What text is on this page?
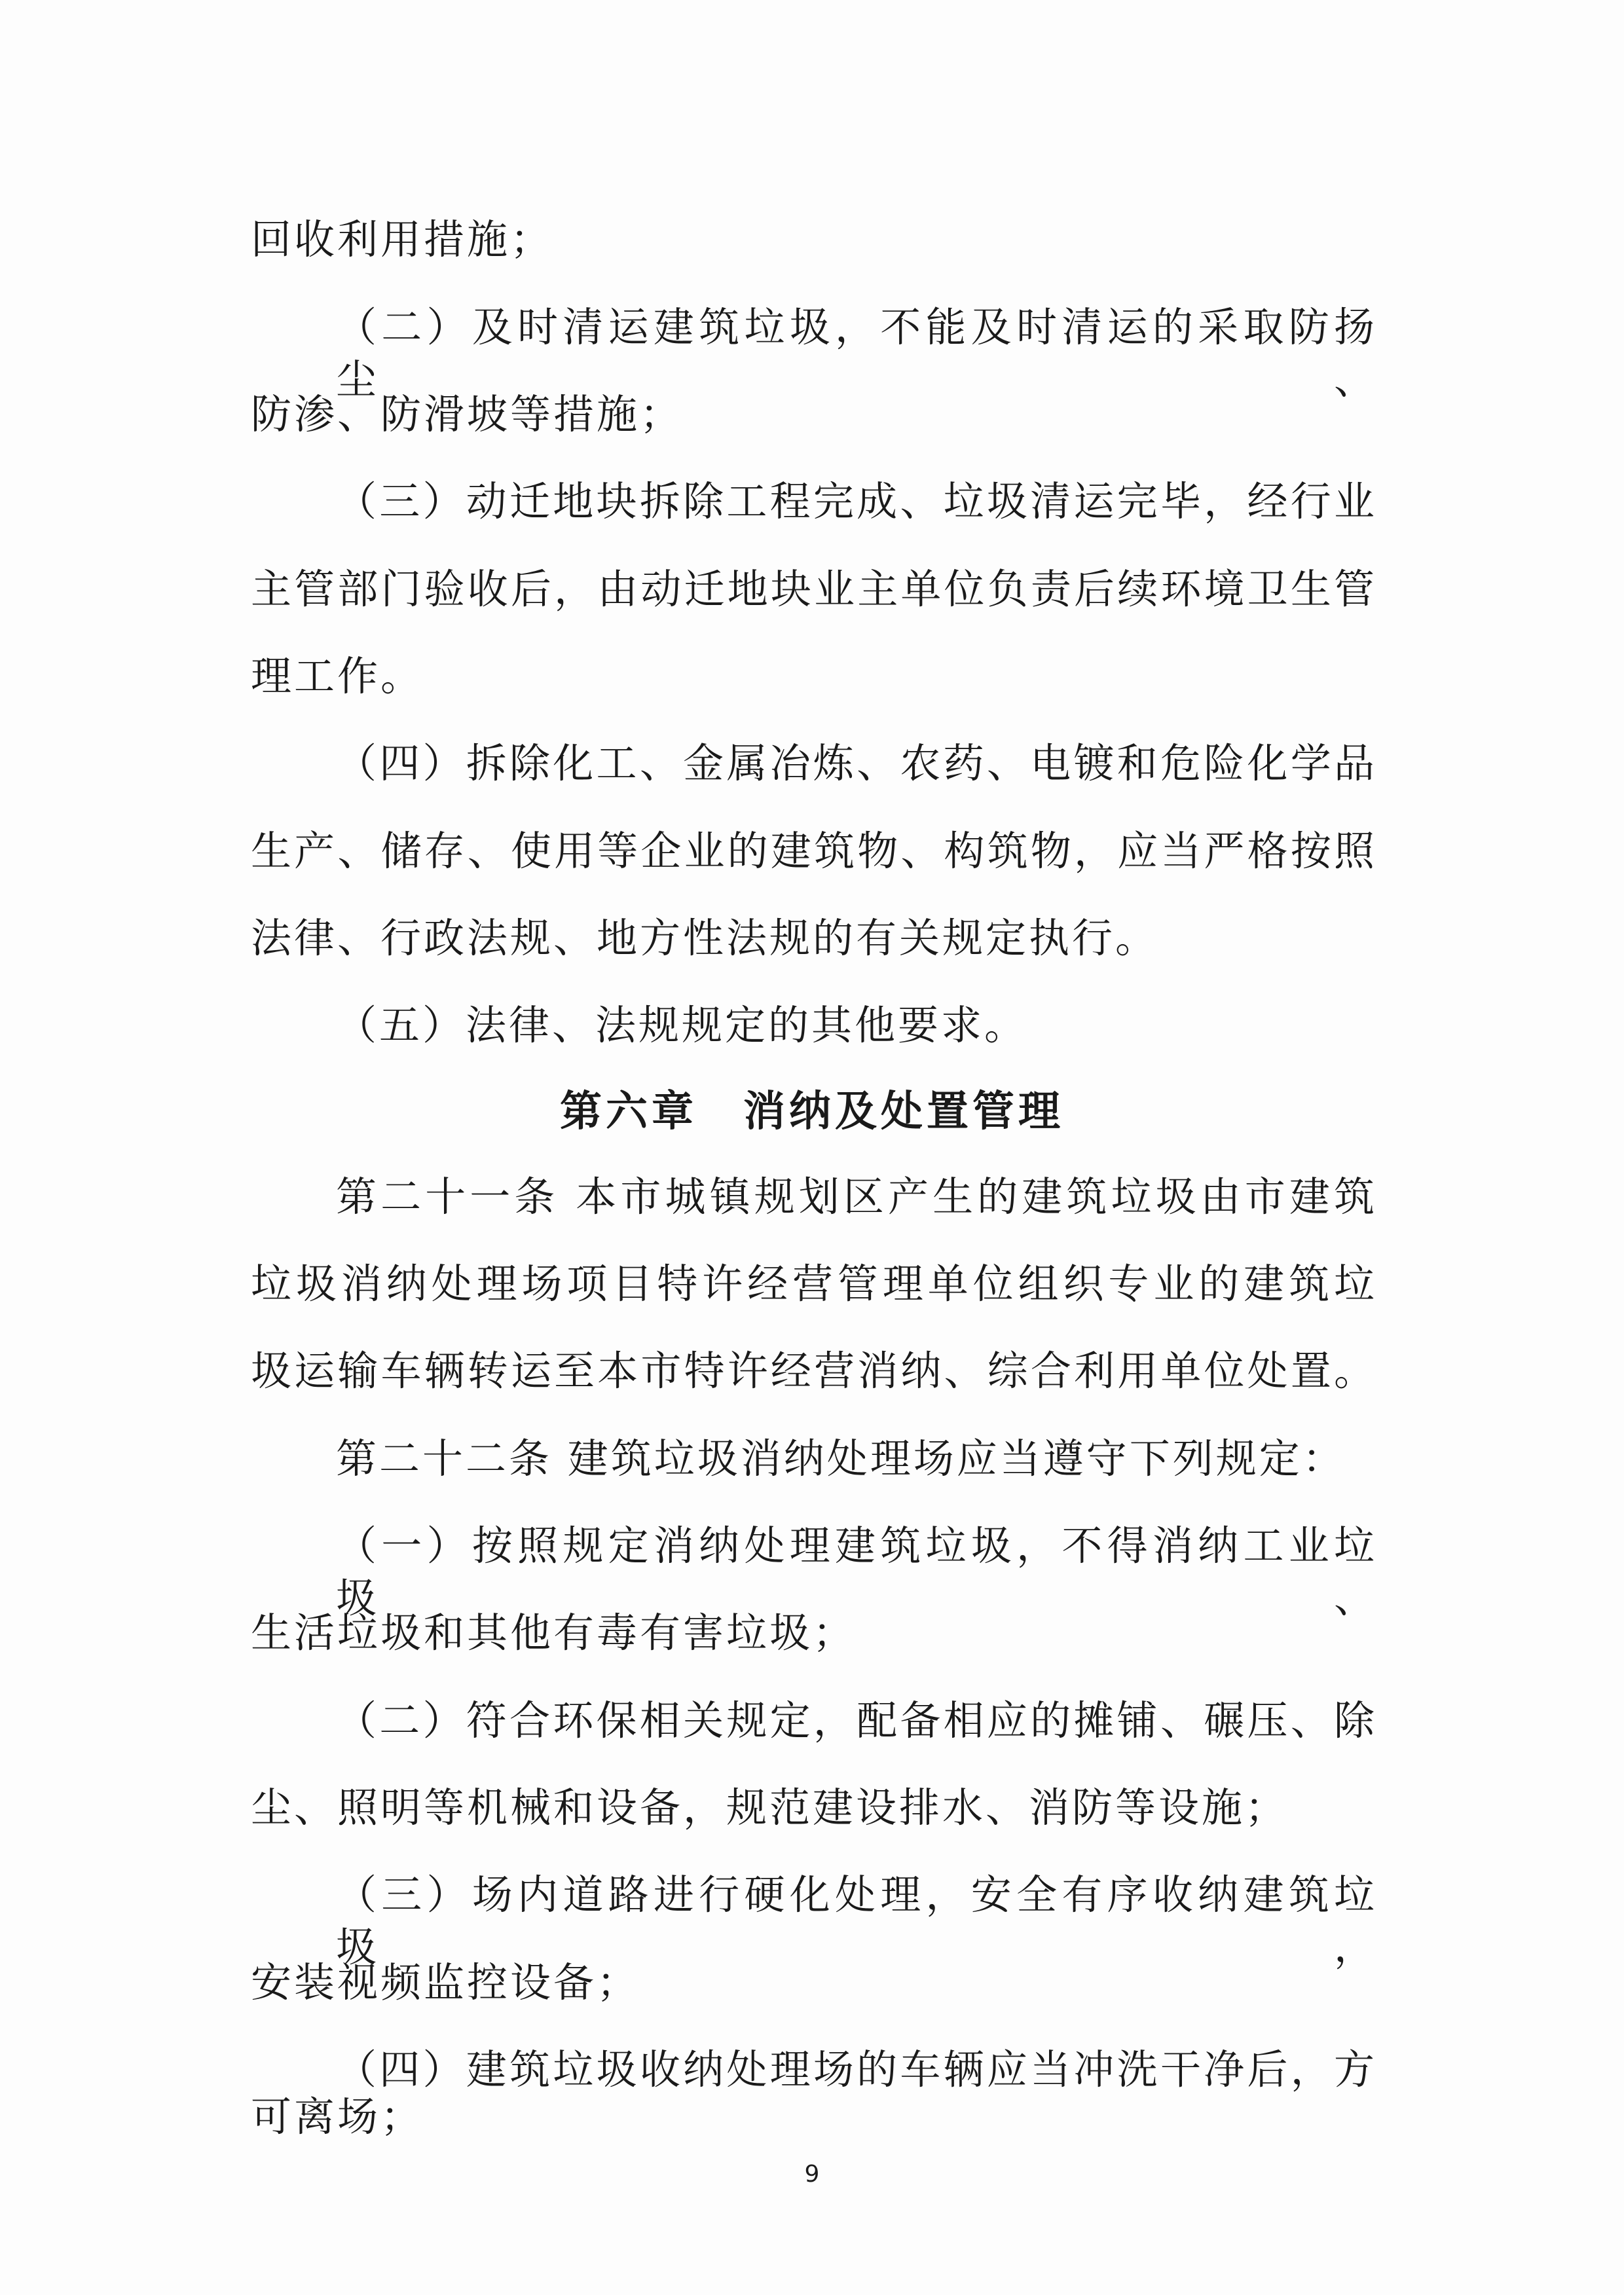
回收利用措施；
（二）及时清运建筑垃圾，不能及时清运的采取防扬尘、
防渗、防滑坡等措施；
（三）动迁地块拆除工程完成、垃圾清运完毕，经行业
主管部门验收后，由动迁地块业主单位负责后续环境卫生管
理工作。
（四）拆除化工、金属冶炼、农药、电镀和危险化学品
生产、储存、使用等企业的建筑物、构筑物，应当严格按照
法律、行政法规、地方性法规的有关规定执行。
（五）法律、法规规定的其他要求。
第六章　消纳及处置管理
第二十一条 本市城镇规划区产生的建筑垃圾由市建筑
垃圾消纳处理场项目特许经营管理单位组织专业的建筑垃
圾运输车辆转运至本市特许经营消纳、综合利用单位处置。
第二十二条 建筑垃圾消纳处理场应当遵守下列规定：
（一）按照规定消纳处理建筑垃圾，不得消纳工业垃圾、
生活垃圾和其他有毒有害垃圾；
（二）符合环保相关规定，配备相应的摊铺、碾压、除
尘、照明等机械和设备，规范建设排水、消防等设施；
（三）场内道路进行硬化处理，安全有序收纳建筑垃圾，
安装视频监控设备；
（四）建筑垃圾收纳处理场的车辆应当冲洗干净后，方
可离场；
9
